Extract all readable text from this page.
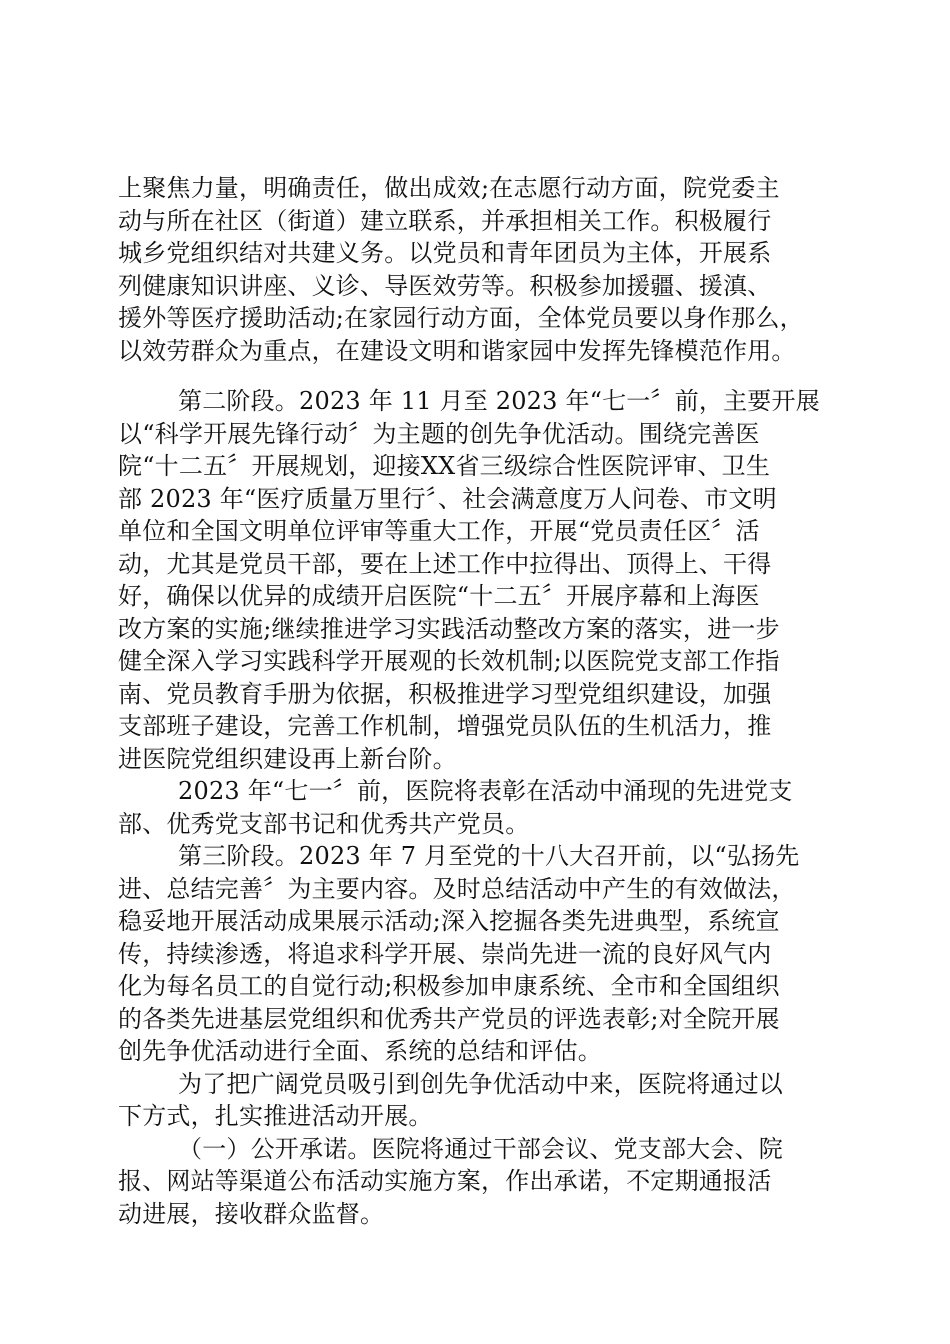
上聚焦力量，明确责任，做出成效;在志愿行动方面，院党委主
动与所在社区（街道）建立联系，并承担相关工作。积极履行
城乡党组织结对共建义务。以党员和青年团员为主体，开展系
列健康知识讲座、义诊、导医效劳等。积极参加援疆、援滇、
援外等医疗援助活动;在家园行动方面，全体党员要以身作那么，
以效劳群众为重点，在建设文明和谐家园中发挥先锋模范作用。
第二阶段。2023 年 11 月至 2023 年“七一〞前，主要开展
以“科学开展先锋行动〞为主题的创先争优活动。围绕完善医
院“十二五〞开展规划，迎接XX省三级综合性医院评审、卫生
部 2023 年“医疗质量万里行〞、社会满意度万人问卷、市文明
单位和全国文明单位评审等重大工作，开展“党员责任区〞活
动，尤其是党员干部，要在上述工作中拉得出、顶得上、干得
好，确保以优异的成绩开启医院“十二五〞开展序幕和上海医
改方案的实施;继续推进学习实践活动整改方案的落实，进一步
健全深入学习实践科学开展观的长效机制;以医院党支部工作指
南、党员教育手册为依据，积极推进学习型党组织建设，加强
支部班子建设，完善工作机制，增强党员队伍的生机活力，推
进医院党组织建设再上新台阶。
2023 年“七一〞前，医院将表彰在活动中涌现的先进党支
部、优秀党支部书记和优秀共产党员。
第三阶段。2023 年 7 月至党的十八大召开前，以“弘扬先
进、总结完善〞为主要内容。及时总结活动中产生的有效做法，
稳妥地开展活动成果展示活动;深入挖掘各类先进典型，系统宣
传，持续渗透，将追求科学开展、崇尚先进一流的良好风气内
化为每名员工的自觉行动;积极参加申康系统、全市和全国组织
的各类先进基层党组织和优秀共产党员的评选表彰;对全院开展
创先争优活动进行全面、系统的总结和评估。
为了把广阔党员吸引到创先争优活动中来，医院将通过以
下方式，扎实推进活动开展。
（一）公开承诺。医院将通过干部会议、党支部大会、院
报、网站等渠道公布活动实施方案，作出承诺，不定期通报活
动进展，接收群众监督。
